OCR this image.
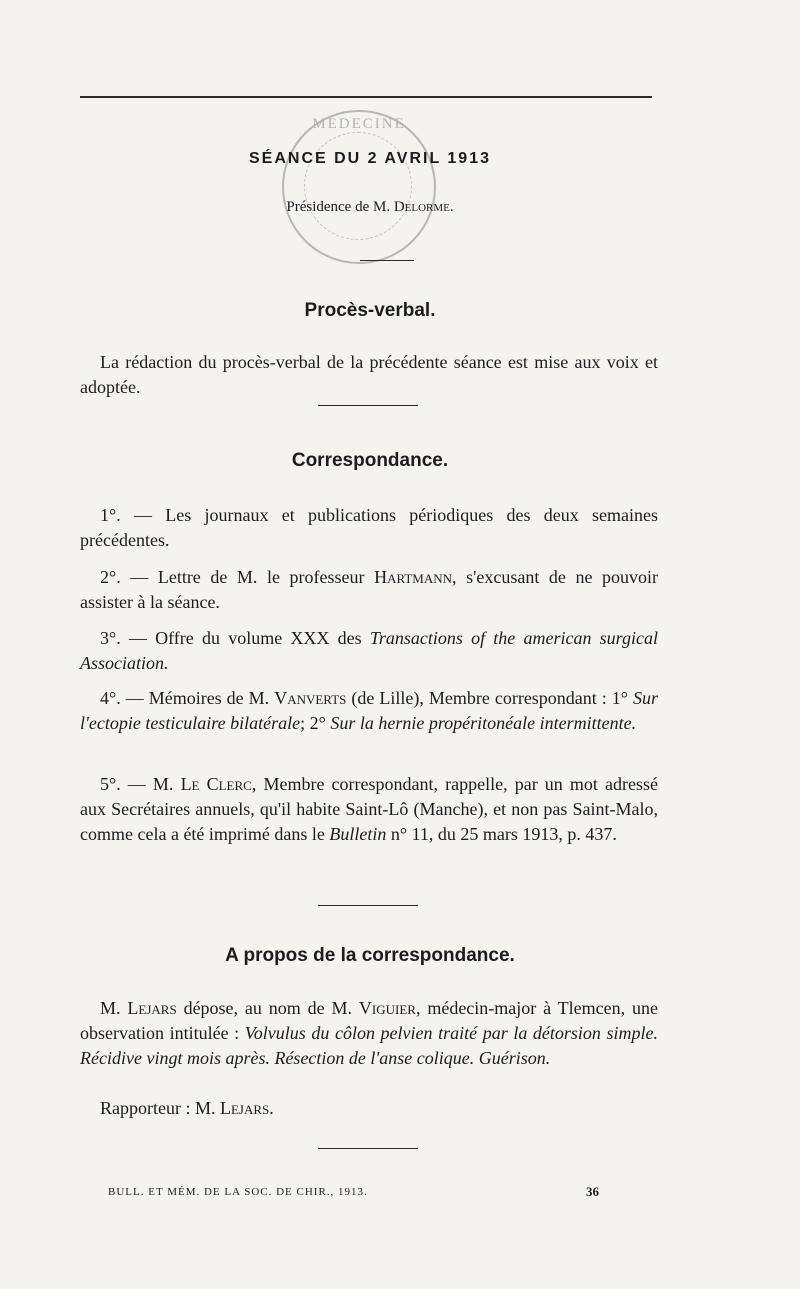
MÉDECINE
SÉANCE DU 2 AVRIL 1913
Présidence de M. Delorme.
Procès-verbal.
La rédaction du procès-verbal de la précédente séance est mise aux voix et adoptée.
Correspondance.
1°. — Les journaux et publications périodiques des deux semaines précédentes.
2°. — Lettre de M. le professeur Hartmann, s'excusant de ne pouvoir assister à la séance.
3°. — Offre du volume XXX des Transactions of the american surgical Association.
4°. — Mémoires de M. Vanverts (de Lille), Membre correspondant : 1° Sur l'ectopie testiculaire bilatérale; 2° Sur la hernie propéritonéale intermittente.
5°. — M. Le Clerc, Membre correspondant, rappelle, par un mot adressé aux Secrétaires annuels, qu'il habite Saint-Lô (Manche), et non pas Saint-Malo, comme cela a été imprimé dans le Bulletin n° 11, du 25 mars 1913, p. 437.
A propos de la correspondance.
M. Lejars dépose, au nom de M. Viguier, médecin-major à Tlemcen, une observation intitulée : Volvulus du côlon pelvien traité par la détorsion simple. Récidive vingt mois après. Résection de l'anse colique. Guérison.
Rapporteur : M. Lejars.
BULL. ET MÉM. DE LA SOC. DE CHIR., 1913.	36
